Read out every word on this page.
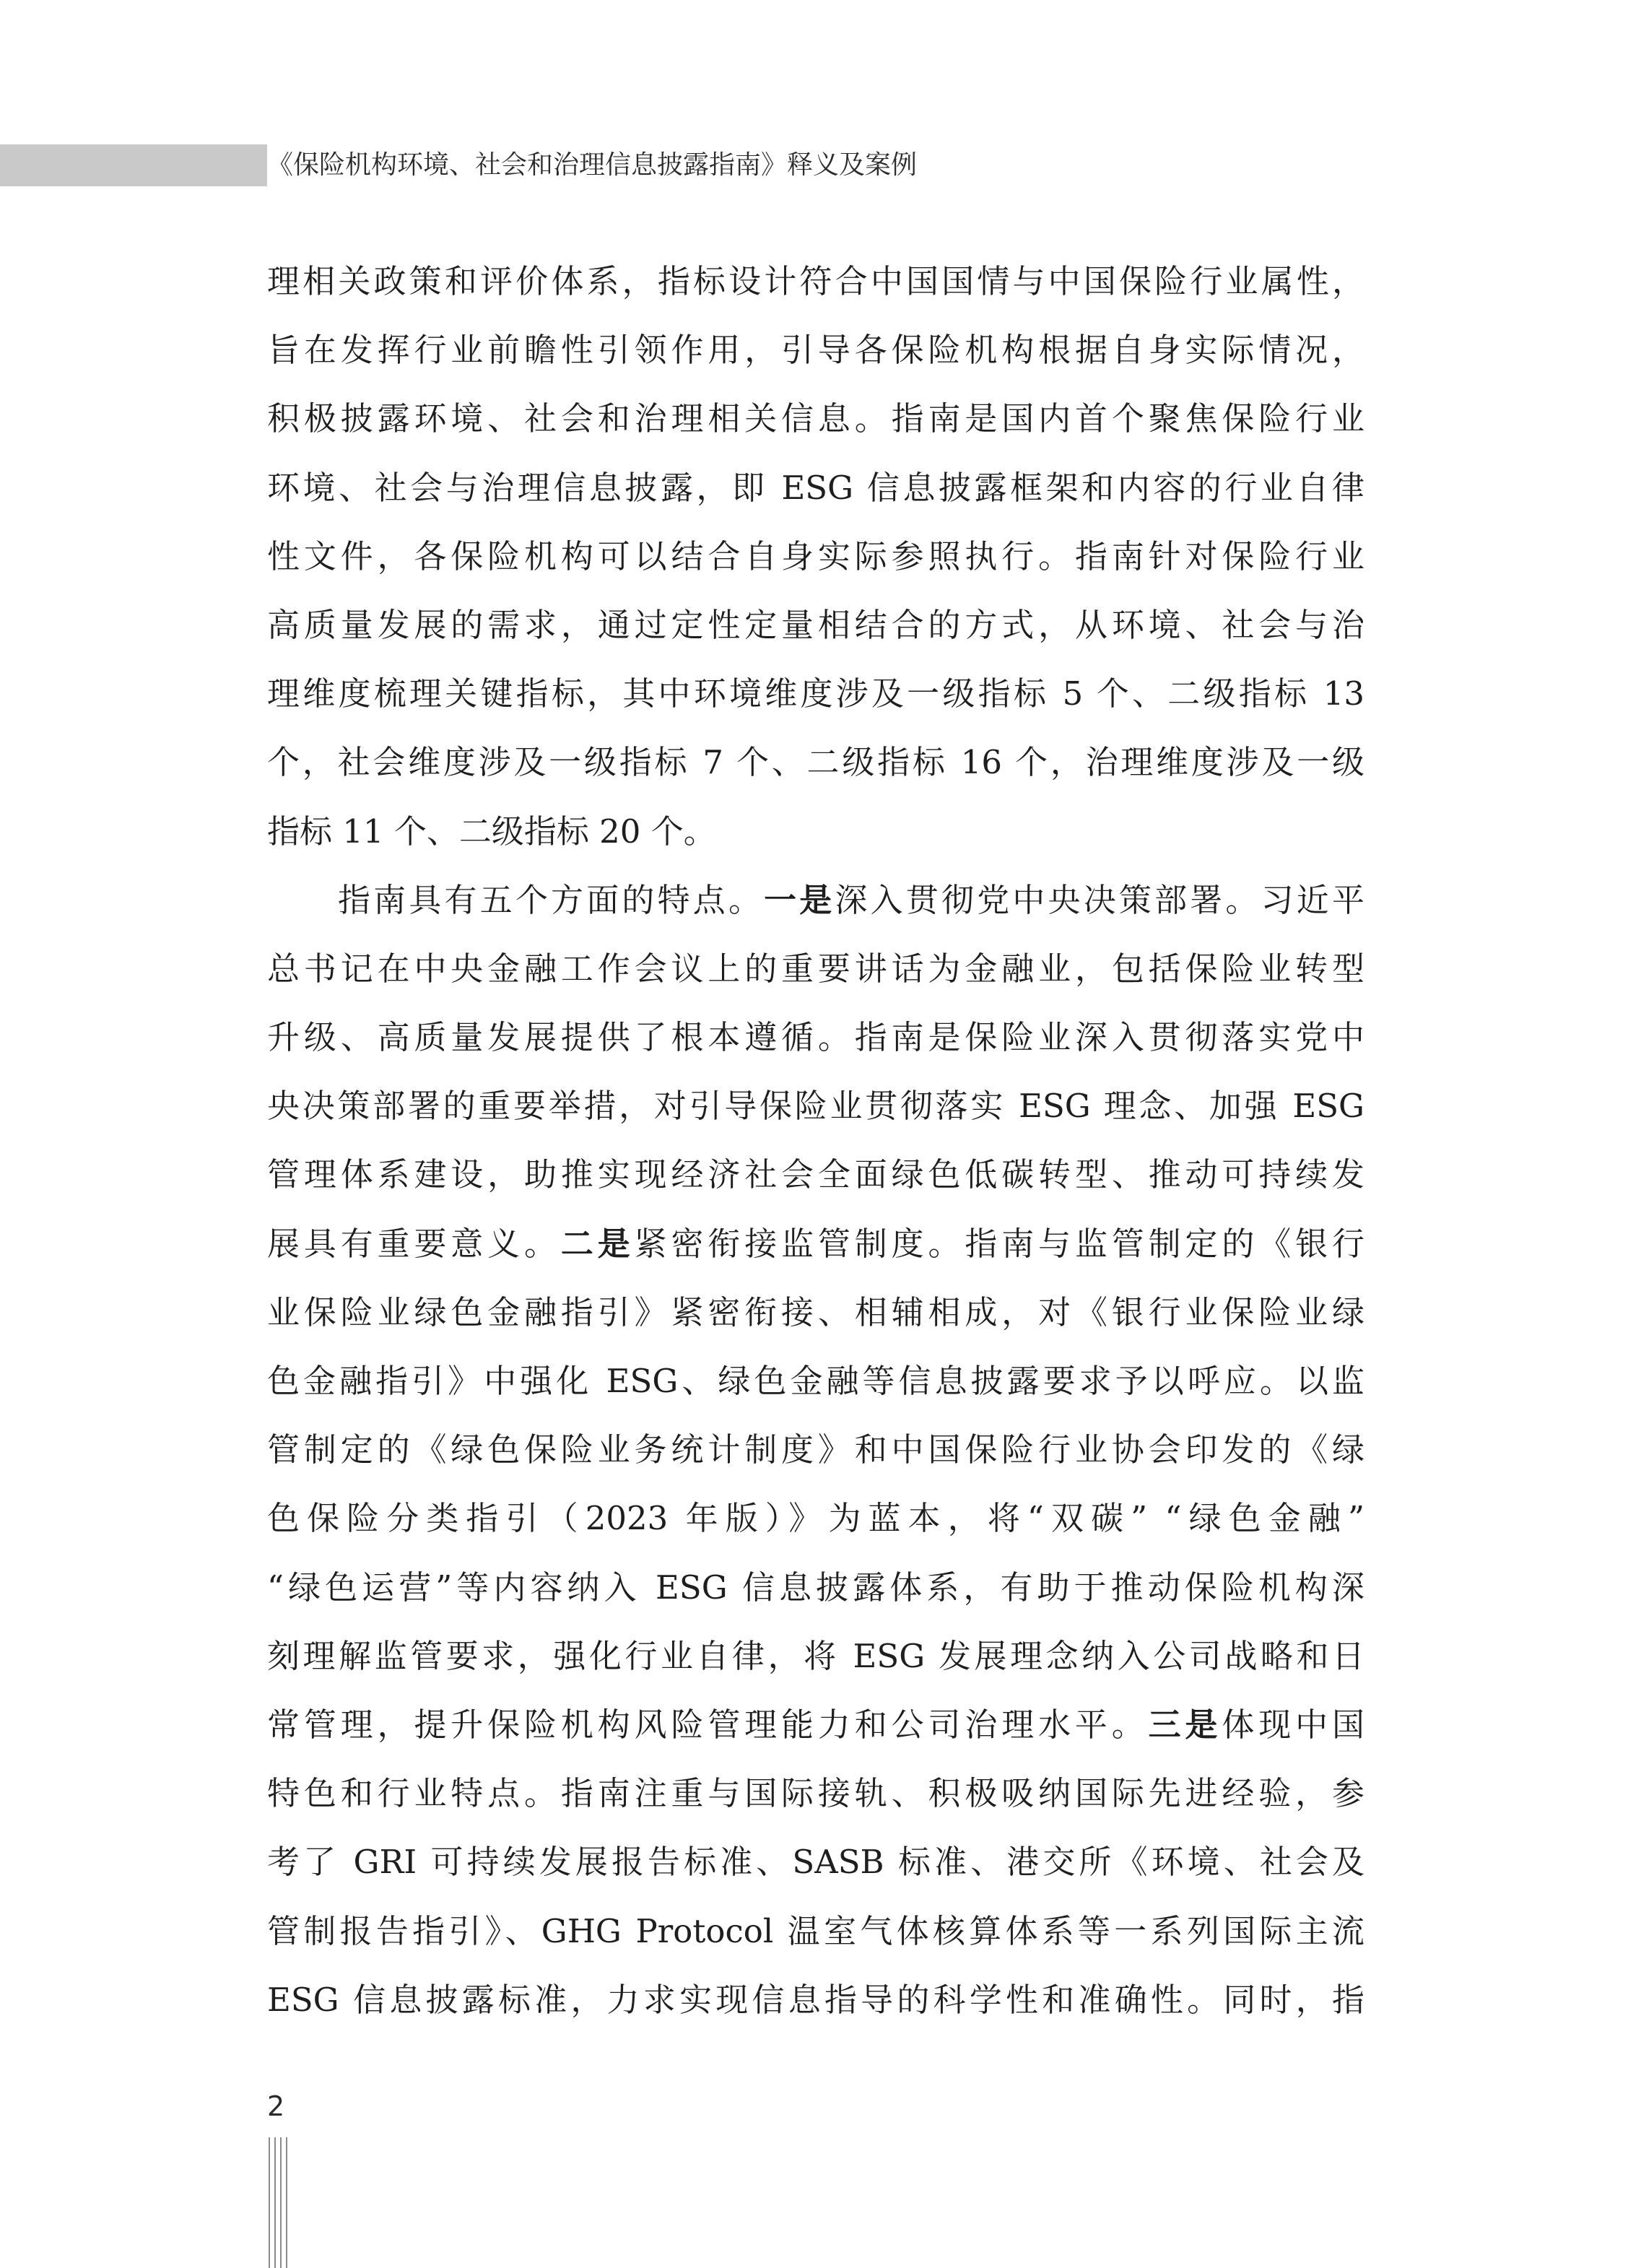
《保险机构环境、社会和治理信息披露指南》释义及案例
理相关政策和评价体系，指标设计符合中国国情与中国保险行业属性，
旨在发挥行业前瞻性引领作用，引导各保险机构根据自身实际情况，
积极披露环境、社会和治理相关信息。指南是国内首个聚焦保险行业
环境、社会与治理信息披露，即 ESG 信息披露框架和内容的行业自律
性文件，各保险机构可以结合自身实际参照执行。指南针对保险行业
高质量发展的需求，通过定性定量相结合的方式，从环境、社会与治
理维度梳理关键指标，其中环境维度涉及一级指标 5 个、二级指标 13
个，社会维度涉及一级指标 7 个、二级指标 16 个，治理维度涉及一级
指标 11 个、二级指标 20 个。
指南具有五个方面的特点。一是深入贯彻党中央决策部署。习近平
总书记在中央金融工作会议上的重要讲话为金融业，包括保险业转型
升级、高质量发展提供了根本遵循。指南是保险业深入贯彻落实党中
央决策部署的重要举措，对引导保险业贯彻落实 ESG 理念、加强 ESG
管理体系建设，助推实现经济社会全面绿色低碳转型、推动可持续发
展具有重要意义。二是紧密衔接监管制度。指南与监管制定的《银行
业保险业绿色金融指引》紧密衔接、相辅相成，对《银行业保险业绿
色金融指引》中强化 ESG、绿色金融等信息披露要求予以呼应。以监
管制定的《绿色保险业务统计制度》和中国保险行业协会印发的《绿
色保险分类指引（2023 年版）》为蓝本，将“双碳” “绿色金融”
“绿色运营”等内容纳入 ESG 信息披露体系，有助于推动保险机构深
刻理解监管要求，强化行业自律，将 ESG 发展理念纳入公司战略和日
常管理，提升保险机构风险管理能力和公司治理水平。三是体现中国
特色和行业特点。指南注重与国际接轨、积极吸纳国际先进经验，参
考了 GRI 可持续发展报告标准、SASB 标准、港交所《环境、社会及
管制报告指引》、GHG Protocol 温室气体核算体系等一系列国际主流
ESG 信息披露标准，力求实现信息指导的科学性和准确性。同时，指
2
